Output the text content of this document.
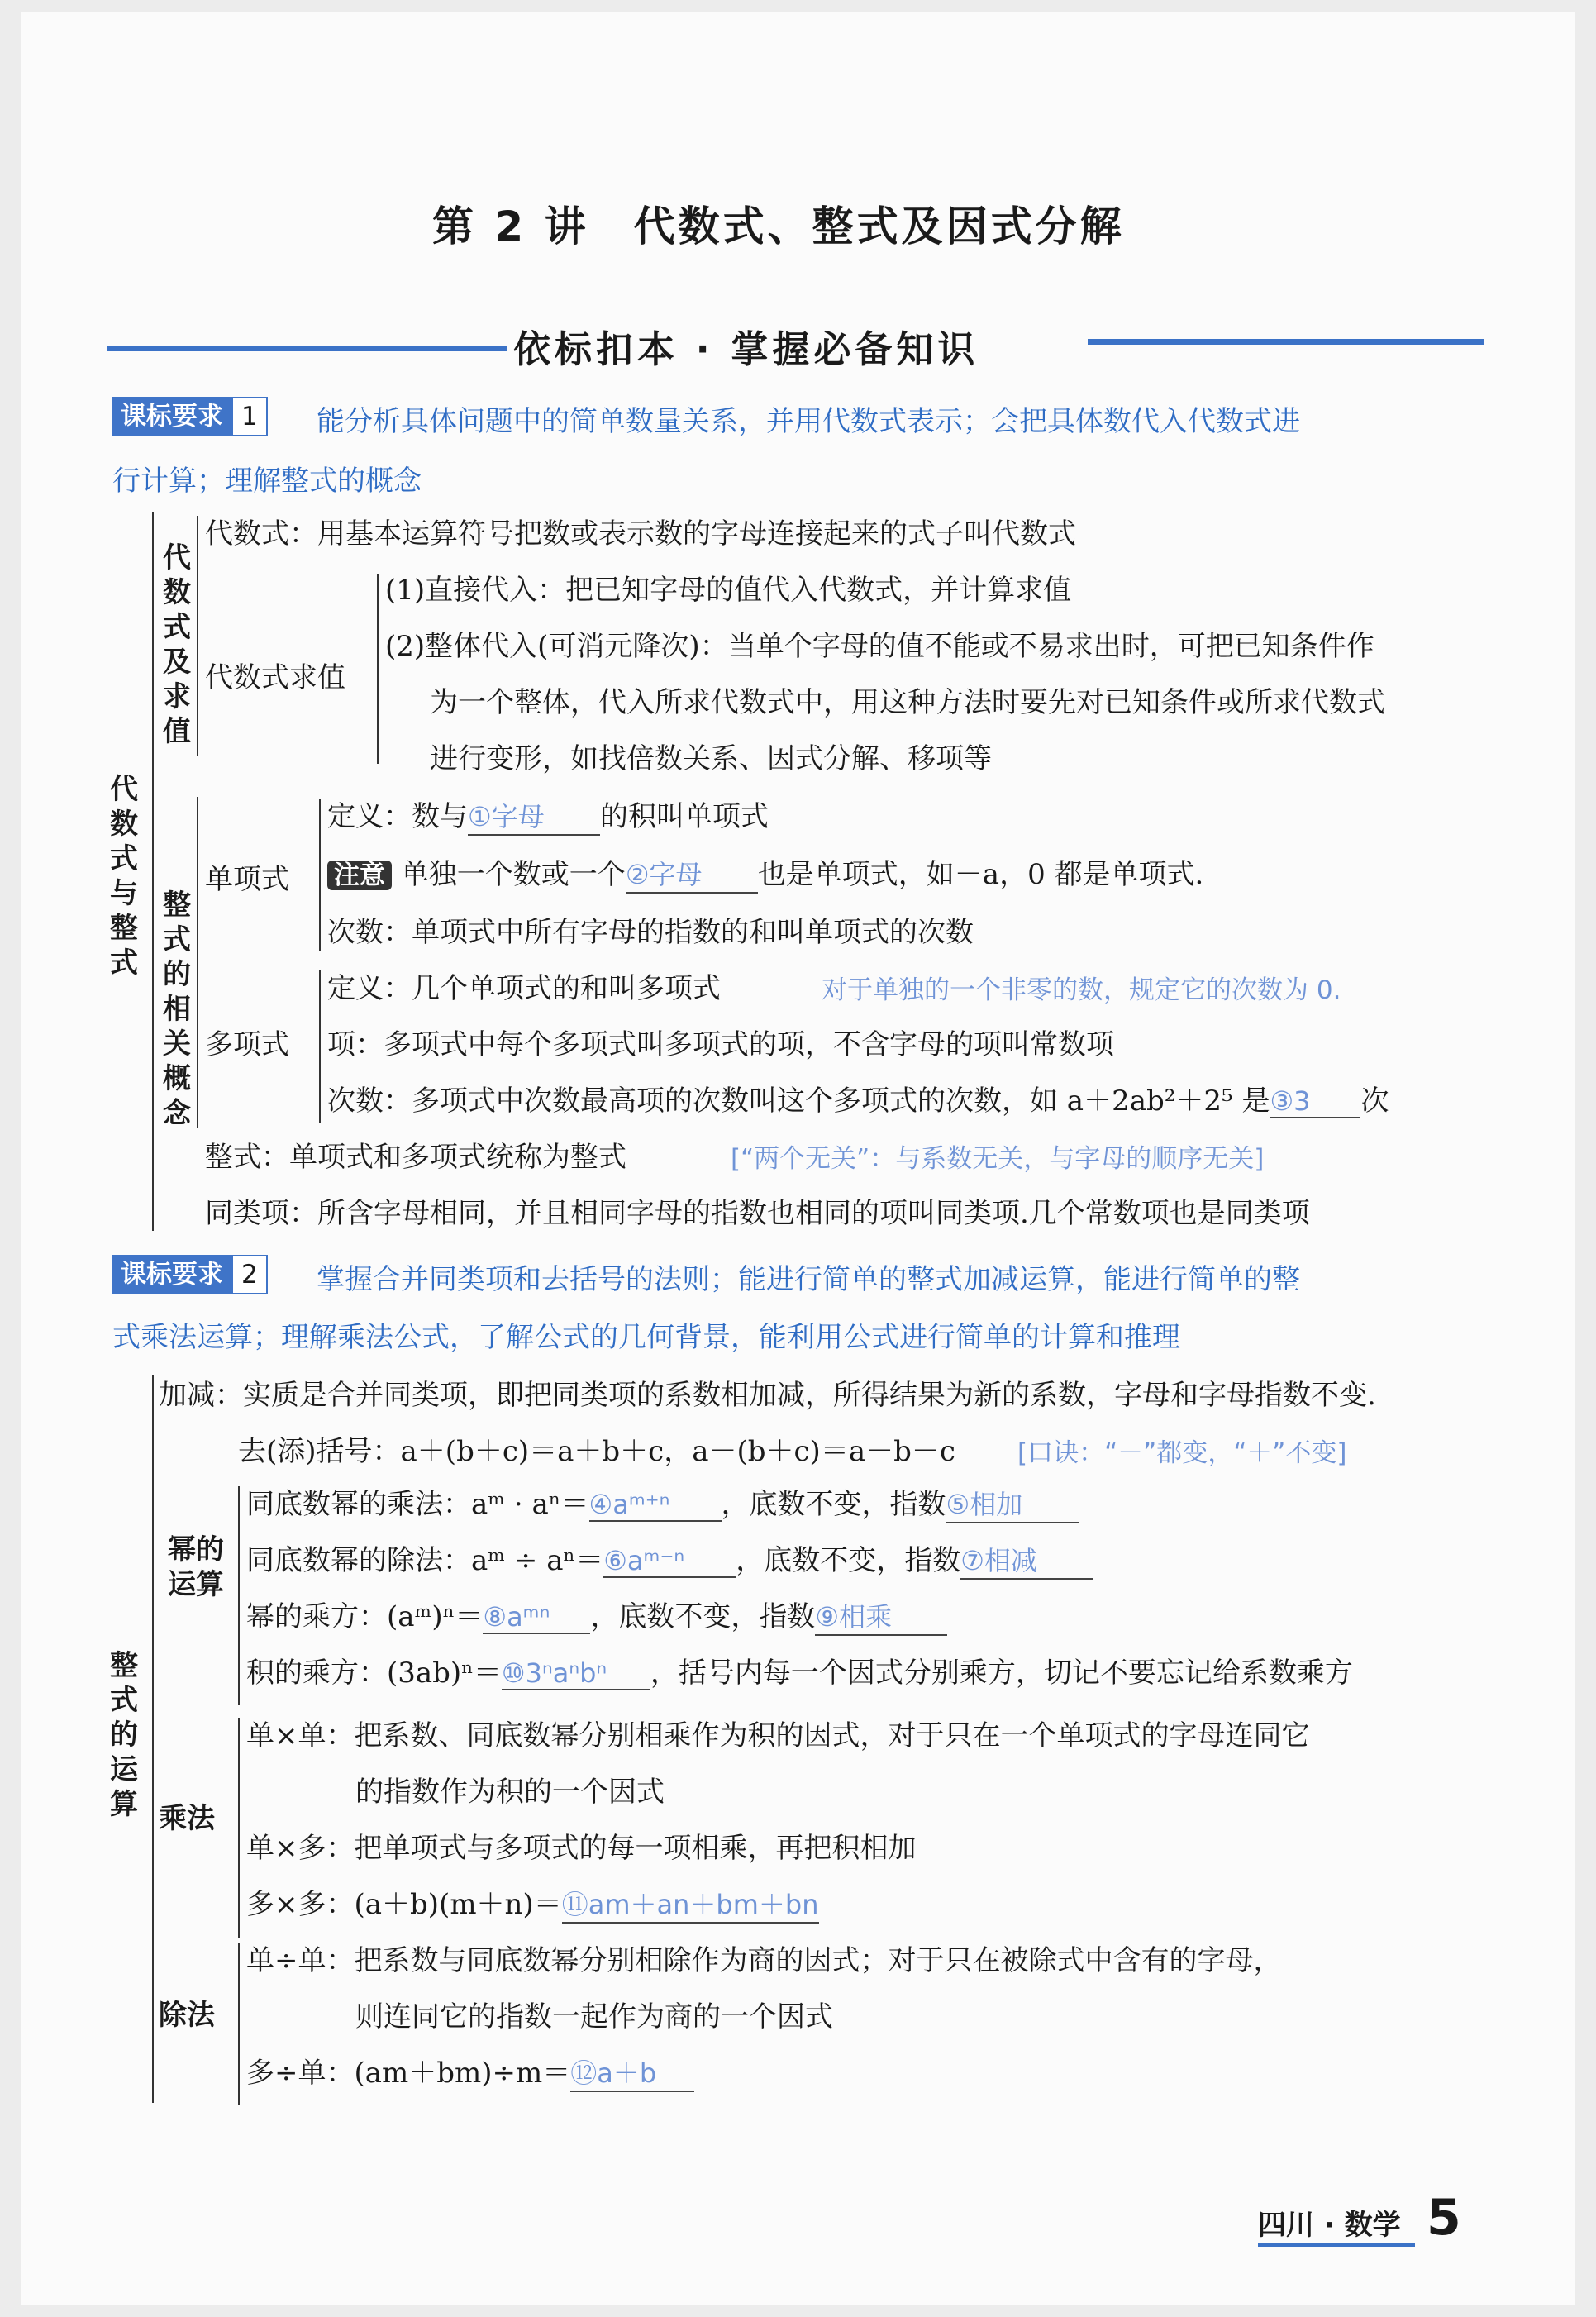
第 2 讲　代数式、整式及因式分解
依标扣本 · 掌握必备知识
课标要求 1	能分析具体问题中的简单数量关系，并用代数式表示；会把具体数代入代数式进
行计算；理解整式的概念
代数式与整式
代数式及求值
整式的相关概念
代数式：用基本运算符号把数或表示数的字母连接起来的式子叫代数式
代数式求值
(1)直接代入：把已知字母的值代入代数式，并计算求值
(2)整体代入(可消元降次)：当单个字母的值不能或不易求出时，可把已知条件作
为一个整体，代入所求代数式中，用这种方法时要先对已知条件或所求代数式
进行变形，如找倍数关系、因式分解、移项等
单项式
定义：数与①字母 的积叫单项式
注意 单独一个数或一个②字母 也是单项式，如－a，0 都是单项式.
次数：单项式中所有字母的指数的和叫单项式的次数
多项式
定义：几个单项式的和叫多项式	对于单独的一个非零的数，规定它的次数为 0.
项：多项式中每个多项式叫多项式的项，不含字母的项叫常数项
次数：多项式中次数最高项的次数叫这个多项式的次数，如 a＋2ab²＋2⁵ 是③3 次
整式：单项式和多项式统称为整式	[“两个无关”：与系数无关，与字母的顺序无关]
同类项：所含字母相同，并且相同字母的指数也相同的项叫同类项.几个常数项也是同类项
课标要求 2	掌握合并同类项和去括号的法则；能进行简单的整式加减运算，能进行简单的整
式乘法运算；理解乘法公式，了解公式的几何背景，能利用公式进行简单的计算和推理
整式的运算
加减：实质是合并同类项，即把同类项的系数相加减，所得结果为新的系数，字母和字母指数不变.
去(添)括号：a＋(b＋c)＝a＋b＋c，a－(b＋c)＝a－b－c [口诀：“－”都变，“＋”不变]
幂的运算
同底数幂的乘法：aᵐ · aⁿ＝④aᵐ⁺ⁿ ，底数不变，指数⑤相加
同底数幂的除法：aᵐ ÷ aⁿ＝⑥aᵐ⁻ⁿ ，底数不变，指数⑦相减
幂的乘方：(aᵐ)ⁿ＝⑧aᵐⁿ ，底数不变，指数⑨相乘
积的乘方：(3ab)ⁿ＝⑩3ⁿaⁿbⁿ ，括号内每一个因式分别乘方，切记不要忘记给系数乘方
乘法
单×单：把系数、同底数幂分别相乘作为积的因式，对于只在一个单项式的字母连同它
的指数作为积的一个因式
单×多：把单项式与多项式的每一项相乘，再把积相加
多×多：(a＋b)(m＋n)＝⑪am＋an＋bm＋bn
除法
单÷单：把系数与同底数幂分别相除作为商的因式；对于只在被除式中含有的字母，
则连同它的指数一起作为商的一个因式
多÷单：(am＋bm)÷m＝⑫a＋b
四川 · 数学 5
